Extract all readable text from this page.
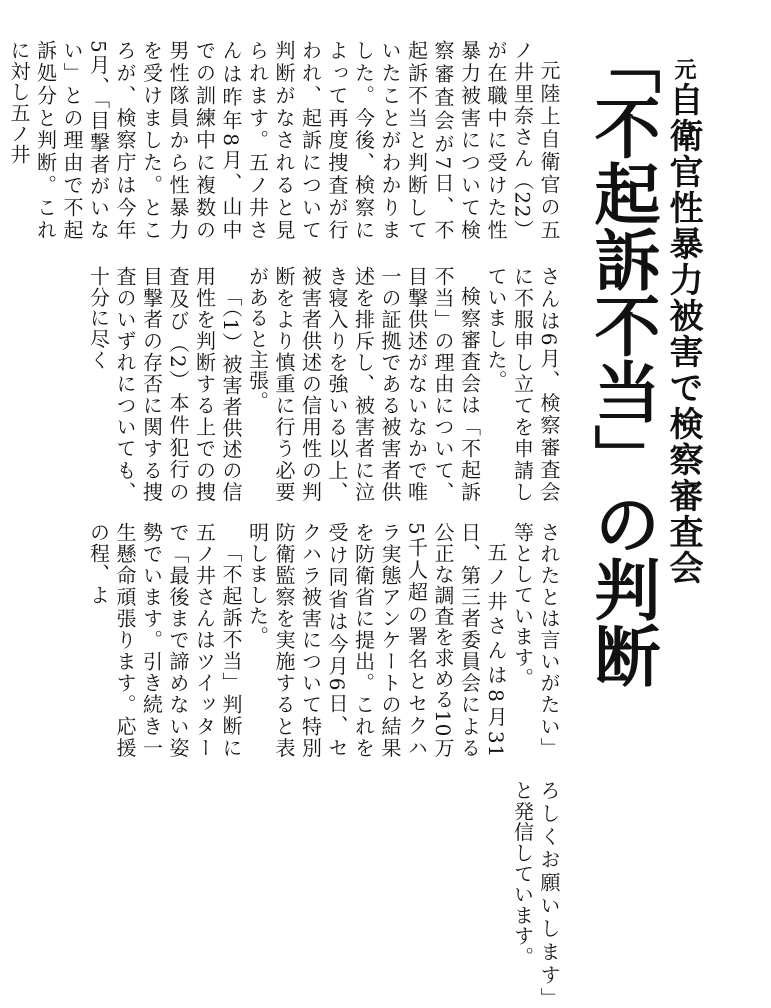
元自衛官性暴力被害で検察審査会
「不起訴不当」の判断
元陸上自衛官の五ノ井里奈さん（22）が在職中に受けた性暴力被害について検察審査会が7日、不起訴不当と判断していたことがわかりました。今後、検察によって再度捜査が行われ、起訴について判断がなされると見られます。五ノ井さんは昨年8月、山中での訓練中に複数の男性隊員から性暴力を受けました。ところが、検察庁は今年5月、「目撃者がいない」との理由で不起訴処分と判断。これに対し五ノ井
さんは6月、検察審査会に不服申し立てを申請していました。
検察審査会は「不起訴不当」の理由について、目撃供述がないなかで唯一の証拠である被害者供述を排斥し、被害者に泣き寝入りを強いる以上、被害者供述の信用性の判断をより慎重に行う必要があると主張。
「（1）被害者供述の信用性を判断する上での捜査及び（2）本件犯行の目撃者の存否に関する捜査のいずれについても、十分に尽く
されたとは言いがたい」等としています。
五ノ井さんは8月31日、第三者委員会による公正な調査を求める10万5千人超の署名とセクハラ実態アンケートの結果を防衛省に提出。これを受け同省は今月6日、セクハラ被害について特別防衛監察を実施すると表明しました。
「不起訴不当」判断に五ノ井さんはツイッターで「最後まで諦めない姿勢でいます。引き続き一生懸命頑張ります。応援の程、よ
ろしくお願いします」と発信しています。
